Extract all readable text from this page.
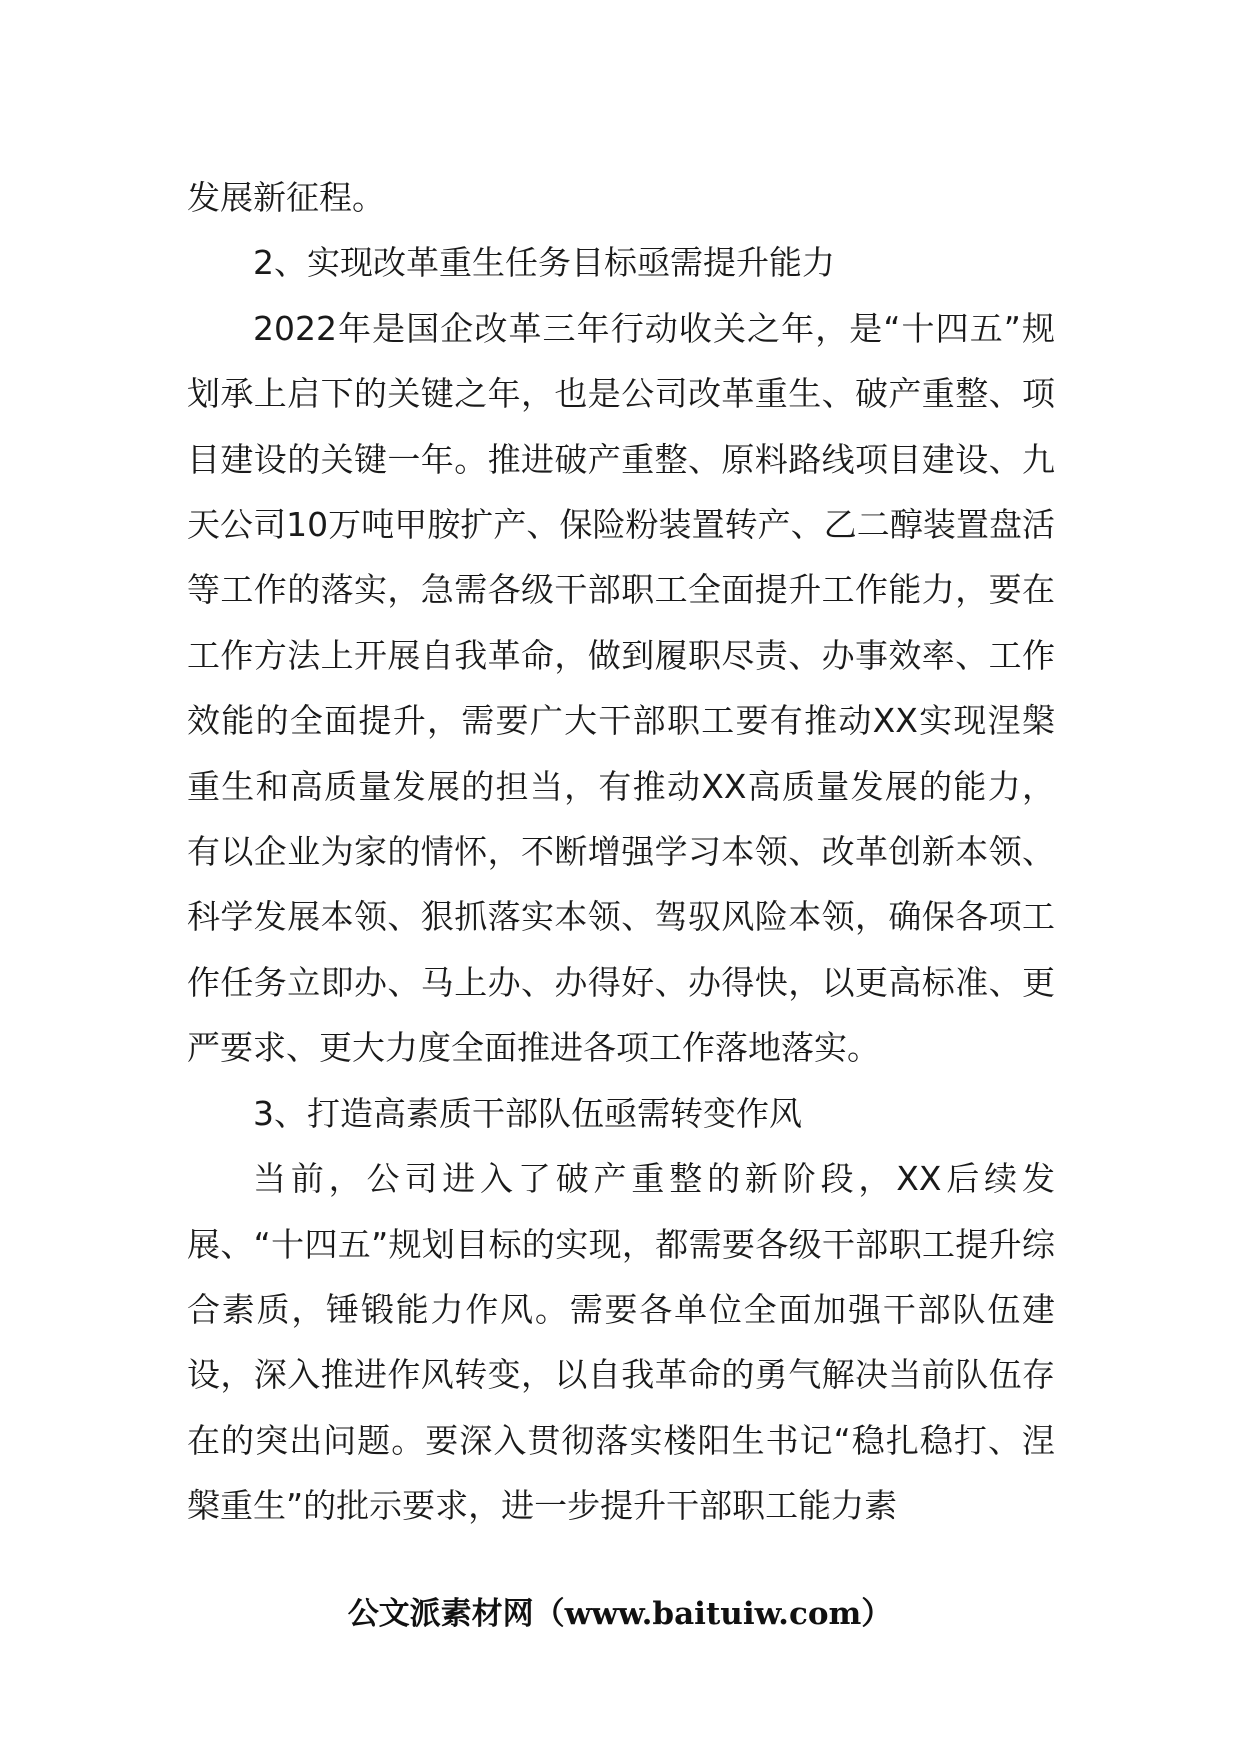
发展新征程。

2、实现改革重生任务目标亟需提升能力

2022年是国企改革三年行动收关之年，是“十四五”规划承上启下的关键之年，也是公司改革重生、破产重整、项目建设的关键一年。推进破产重整、原料路线项目建设、九天公司10万吨甲胺扩产、保险粉装置转产、乙二醇装置盘活等工作的落实，急需各级干部职工全面提升工作能力，要在工作方法上开展自我革命，做到履职尽责、办事效率、工作效能的全面提升，需要广大干部职工要有推动XX实现涅槃重生和高质量发展的担当，有推动XX高质量发展的能力，有以企业为家的情怀，不断增强学习本领、改革创新本领、科学发展本领、狠抓落实本领、驾驭风险本领，确保各项工作任务立即办、马上办、办得好、办得快，以更高标准、更严要求、更大力度全面推进各项工作落地落实。

3、打造高素质干部队伍亟需转变作风

当前，公司进入了破产重整的新阶段，XX后续发展、“十四五”规划目标的实现，都需要各级干部职工提升综合素质，锤锻能力作风。需要各单位全面加强干部队伍建设，深入推进作风转变，以自我革命的勇气解决当前队伍存在的突出问题。要深入贯彻落实楼阳生书记“稳扎稳打、涅槃重生”的批示要求，进一步提升干部职工能力素

公文派素材网（www.baituiw.com）
